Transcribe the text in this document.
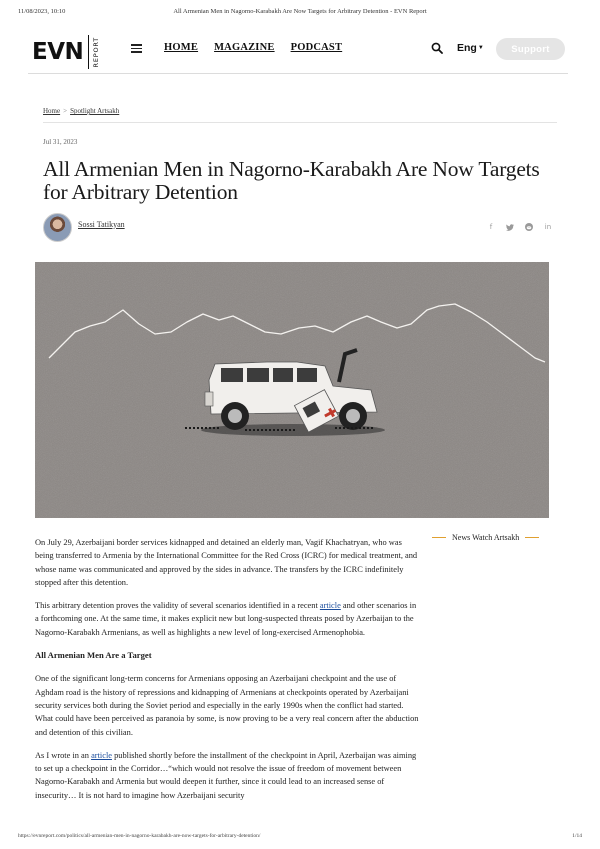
11/08/2023, 10:10	All Armenian Men in Nagorno-Karabakh Are Now Targets for Arbitrary Detention - EVN Report
EVN REPORT	HOME MAGAZINE PODCAST	Eng▼	Support
Home > Spotlight Artsakh
Jul 31, 2023
All Armenian Men in Nagorno-Karabakh Are Now Targets for Arbitrary Detention
Sossi Tatikyan	f	in

On July 29, Azerbaijani border services kidnapped and detained an elderly man, Vagif Khachatryan, who was being transferred to Armenia by the International Committee for the Red Cross (ICRC) for medical treatment, and whose name was communicated and approved by the sides in advance. The transfers by the ICRC indefinitely stopped after this detention.

This arbitrary detention proves the validity of several scenarios identified in a recent article and other scenarios in a forthcoming one. At the same time, it makes explicit new but long-suspected threats posed by Azerbaijan to the Nagorno-Karabakh Armenians, as well as highlights a new level of long-exercised Armenophobia.

All Armenian Men Are a Target

One of the significant long-term concerns for Armenians opposing an Azerbaijani checkpoint and the use of Aghdam road is the history of repressions and kidnapping of Armenians at checkpoints operated by Azerbaijani security services both during the Soviet period and especially in the early 1990s when the conflict had started. What could have been perceived as paranoia by some, is now proving to be a very real concern after the abduction and detention of this civilian.

As I wrote in an article published shortly before the installment of the checkpoint in April, Azerbaijan was aiming to set up a checkpoint in the Corridor…“which would not resolve the issue of freedom of movement between Nagorno-Karabakh and Armenia but would deepen it further, since it could lead to an increased sense of insecurity… It is not hard to imagine how Azerbaijani security

News Watch Artsakh
https://evnreport.com/politics/all-armenian-men-in-nagorno-karabakh-are-now-targets-for-arbitrary-detention/	1/14
